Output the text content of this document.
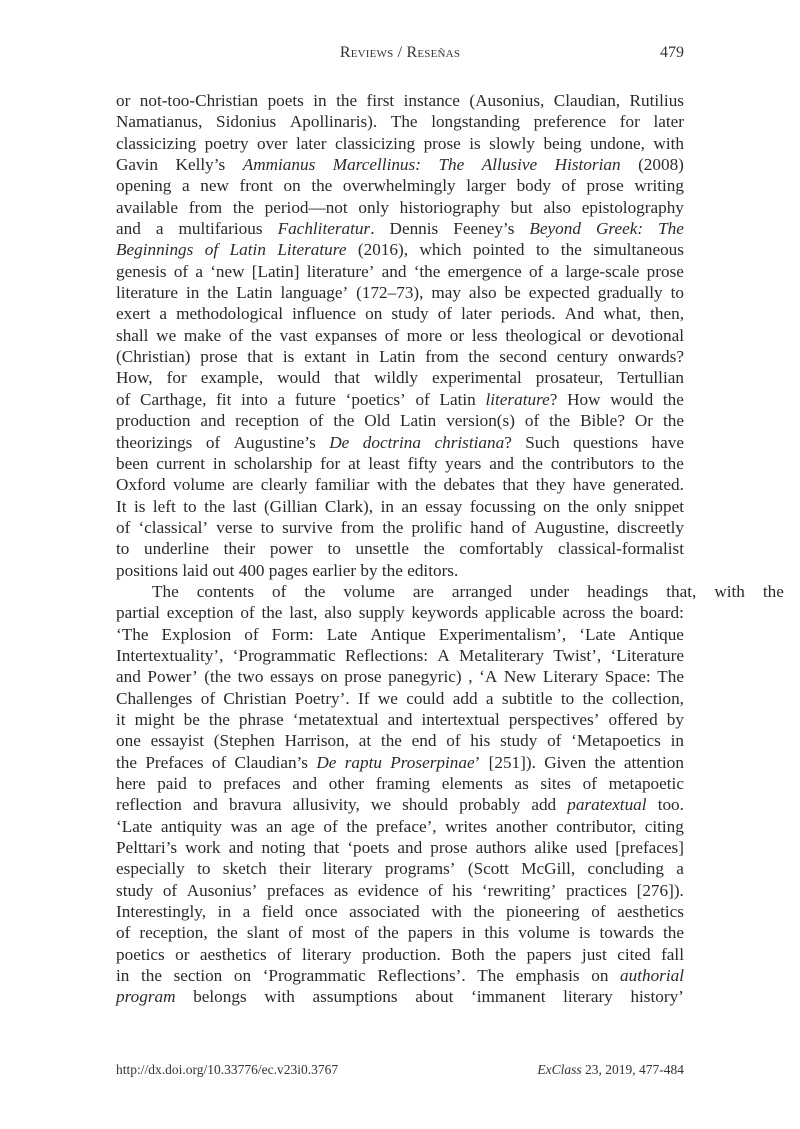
Reviews / Reseñas	479
or not-too-Christian poets in the first instance (Ausonius, Claudian, Rutilius
Namatianus, Sidonius Apollinaris). The longstanding preference for later
classicizing poetry over later classicizing prose is slowly being undone, with
Gavin Kelly’s Ammianus Marcellinus: The Allusive Historian (2008)
opening a new front on the overwhelmingly larger body of prose writing
available from the period—not only historiography but also epistolography
and a multifarious Fachliteratur. Dennis Feeney’s Beyond Greek: The
Beginnings of Latin Literature (2016), which pointed to the simultaneous
genesis of a ‘new [Latin] literature’ and ‘the emergence of a large-scale prose
literature in the Latin language’ (172–73), may also be expected gradually to
exert a methodological influence on study of later periods. And what, then,
shall we make of the vast expanses of more or less theological or devotional
(Christian) prose that is extant in Latin from the second century onwards?
How, for example, would that wildly experimental prosateur, Tertullian
of Carthage, fit into a future ‘poetics’ of Latin literature? How would the
production and reception of the Old Latin version(s) of the Bible? Or the
theorizings of Augustine’s De doctrina christiana? Such questions have
been current in scholarship for at least fifty years and the contributors to the
Oxford volume are clearly familiar with the debates that they have generated.
It is left to the last (Gillian Clark), in an essay focussing on the only snippet
of ‘classical’ verse to survive from the prolific hand of Augustine, discreetly
to underline their power to unsettle the comfortably classical-formalist
positions
laid
out
400
pages
earlier
by
the
editors.
The	contents	of	the	volume	are	arranged	under	headings	that,	with	the
partial exception of the last, also supply keywords applicable across the board:
‘The Explosion of Form: Late Antique Experimentalism’, ‘Late Antique
Intertextuality’, ‘Programmatic Reflections: A Metaliterary Twist’, ‘Literature
and Power’ (the two essays on prose panegyric) , ‘A New Literary Space: The
Challenges of Christian Poetry’. If we could add a subtitle to the collection,
it might be the phrase ‘metatextual and intertextual perspectives’ offered by
one essayist (Stephen Harrison, at the end of his study of ‘Metapoetics in
the Prefaces of Claudian’s De raptu Proserpinae’ [251]). Given the attention
here paid to prefaces and other framing elements as sites of metapoetic
reflection and bravura allusivity, we should probably add paratextual too.
‘Late antiquity was an age of the preface’, writes another contributor, citing
Pelttari’s work and noting that ‘poets and prose authors alike used [prefaces]
especially to sketch their literary programs’ (Scott McGill, concluding a
study of Ausonius’ prefaces as evidence of his ‘rewriting’ practices [276]).
Interestingly, in a field once associated with the pioneering of aesthetics
of reception, the slant of most of the papers in this volume is towards the
poetics or aesthetics of literary production. Both the papers just cited fall
in the section on ‘Programmatic Reflections’. The emphasis on authorial
program belongs with assumptions about ‘immanent literary history’
http://dx.doi.org/10.33776/ec.v23i0.3767	ExClass 23, 2019, 477-484
